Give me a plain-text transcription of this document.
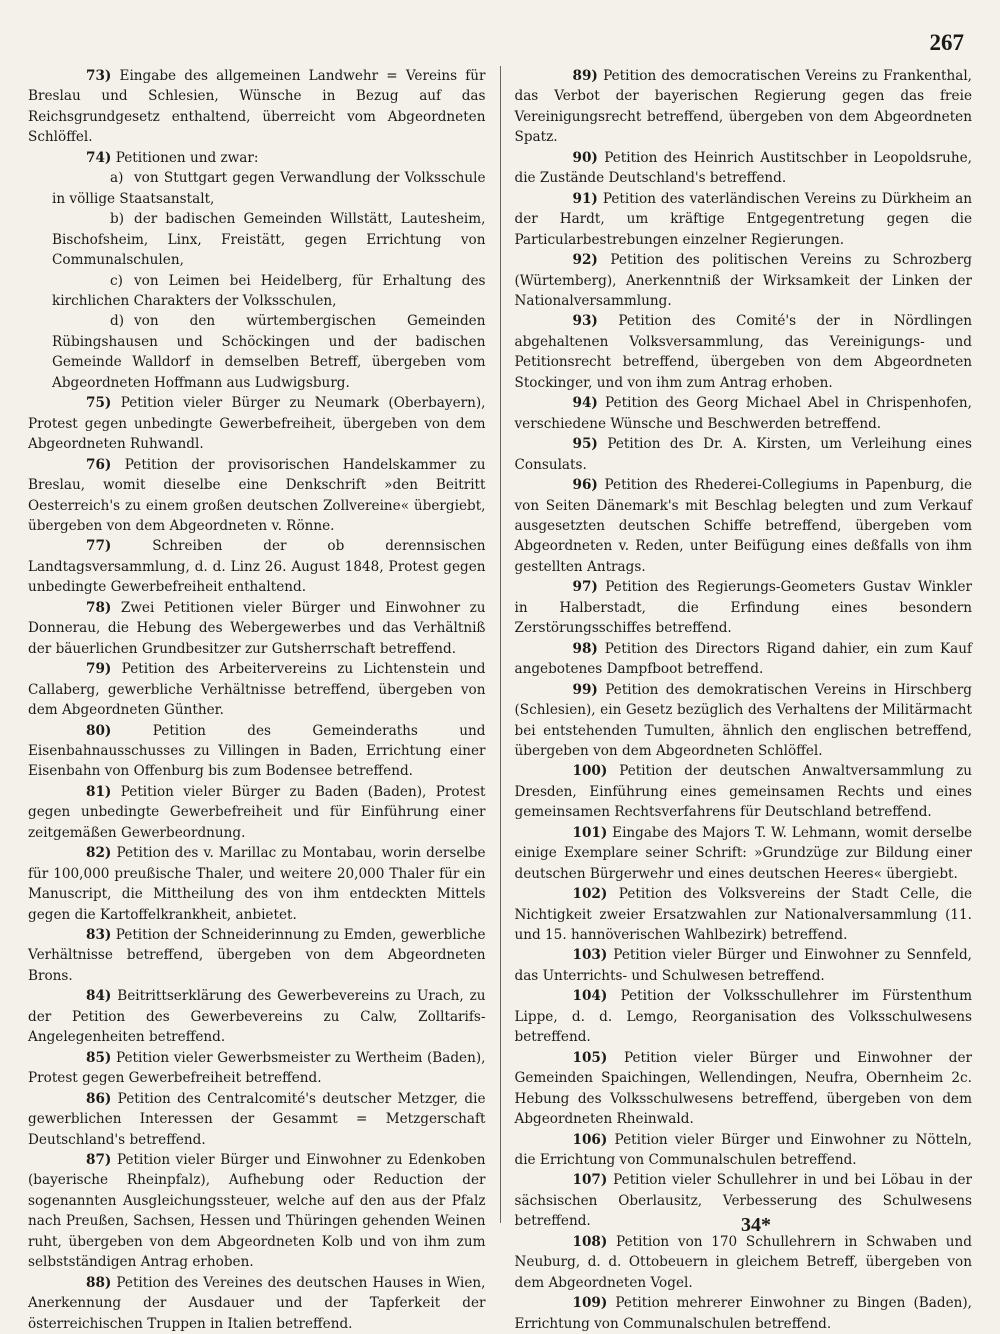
267

73) Eingabe des allgemeinen Landwehr = Vereins für Breslau und Schlesien, Wünsche in Bezug auf das Reichsgrundgesetz enthaltend, überreicht vom Abgeordneten Schlöffel.

74) Petitionen und zwar:

a) von Stuttgart gegen Verwandlung der Volksschule in völlige Staatsanstalt,

b) der badischen Gemeinden Willstätt, Lautesheim, Bischofsheim, Linx, Freistätt, gegen Errichtung von Communalschulen,

c) von Leimen bei Heidelberg, für Erhaltung des kirchlichen Charakters der Volksschulen,

d) von den würtembergischen Gemeinden Rübingshausen und Schöckingen und der badischen Gemeinde Walldorf in demselben Betreff, übergeben vom Abgeordneten Hoffmann aus Ludwigsburg.

75) Petition vieler Bürger zu Neumark (Oberbayern), Protest gegen unbedingte Gewerbefreiheit, übergeben von dem Abgeordneten Ruhwandl.

76) Petition der provisorischen Handelskammer zu Breslau, womit dieselbe eine Denkschrift »den Beitritt Oesterreich's zu einem großen deutschen Zollvereine« übergiebt, übergeben von dem Abgeordneten v. Rönne.

77)	Schreiben der ob derennsischen Landtagsversammlung, d. d. Linz 26. August 1848, Protest gegen unbedingte Gewerbefreiheit enthaltend.

78) Zwei Petitionen vieler Bürger und Einwohner zu Donnerau, die Hebung des Webergewerbes und das Verhältniß der bäuerlichen Grundbesitzer zur Gutsherrschaft betreffend.

79) Petition des Arbeitervereins zu Lichtenstein und Callaberg, gewerbliche Verhältnisse betreffend, übergeben von dem Abgeordneten Günther.

80)	Petition des Gemeinderaths und Eisenbahnausschusses zu Villingen in Baden, Errichtung einer Eisenbahn von Offenburg bis zum Bodensee betreffend.

81) Petition vieler Bürger zu Baden (Baden), Protest gegen unbedingte Gewerbefreiheit und für Einführung einer zeitgemäßen Gewerbeordnung.

82) Petition des v. Marillac zu Montabau, worin derselbe für 100,000 preußische Thaler, und weitere 20,000 Thaler für ein Manuscript, die Mittheilung des von ihm entdeckten Mittels gegen die Kartoffelkrankheit, anbietet.

83) Petition der Schneiderinnung zu Emden, gewerbliche Verhältnisse betreffend, übergeben von dem Abgeordneten Brons.

84) Beitrittserklärung des Gewerbevereins zu Urach, zu der Petition des Gewerbevereins zu Calw, Zolltarifs-Angelegenheiten betreffend.

85) Petition vieler Gewerbsmeister zu Wertheim (Baden), Protest gegen Gewerbefreiheit betreffend.

86) Petition des Centralcomité's deutscher Metzger, die gewerblichen Interessen der Gesammt = Metzgerschaft Deutschland's betreffend.

87) Petition vieler Bürger und Einwohner zu Edenkoben (bayerische Rheinpfalz), Aufhebung oder Reduction der sogenannten Ausgleichungssteuer, welche auf den aus der Pfalz nach Preußen, Sachsen, Hessen und Thüringen gehenden Weinen ruht, übergeben von dem Abgeordneten Kolb und von ihm zum selbstständigen Antrag erhoben.

88) Petition des Vereines des deutschen Hauses in Wien, Anerkennung der Ausdauer und der Tapferkeit der österreichischen Truppen in Italien betreffend.

89) Petition des democratischen Vereins zu Frankenthal, das Verbot der bayerischen Regierung gegen das freie Vereinigungsrecht betreffend, übergeben von dem Abgeordneten Spatz.

90) Petition des Heinrich Austitschber in Leopoldsruhe, die Zustände Deutschland's betreffend.

91) Petition des vaterländischen Vereins zu Dürkheim an der Hardt, um kräftige Entgegentretung gegen die Particularbestrebungen einzelner Regierungen.

92) Petition des politischen Vereins zu Schrozberg (Würtemberg), Anerkenntniß der Wirksamkeit der Linken der Nationalversammlung.

93) Petition des Comité's der in Nördlingen abgehaltenen Volksversammlung, das Vereinigungs- und Petitionsrecht betreffend, übergeben von dem Abgeordneten Stockinger, und von ihm zum Antrag erhoben.

94) Petition des Georg Michael Abel in Chrispenhofen, verschiedene Wünsche und Beschwerden betreffend.

95) Petition des Dr. A. Kirsten, um Verleihung eines Consulats.

96) Petition des Rhederei-Collegiums in Papenburg, die von Seiten Dänemark's mit Beschlag belegten und zum Verkauf ausgesetzten deutschen Schiffe betreffend, übergeben vom Abgeordneten v. Reden, unter Beifügung eines deßfalls von ihm gestellten Antrags.

97) Petition des Regierungs-Geometers Gustav Winkler in Halberstadt, die Erfindung eines besondern Zerstörungsschiffes betreffend.

98) Petition des Directors Rigand dahier, ein zum Kauf angebotenes Dampfboot betreffend.

99) Petition des demokratischen Vereins in Hirschberg (Schlesien), ein Gesetz bezüglich des Verhaltens der Militärmacht bei entstehenden Tumulten, ähnlich den englischen betreffend, übergeben von dem Abgeordneten Schlöffel.

100) Petition der deutschen Anwaltversammlung zu Dresden, Einführung eines gemeinsamen Rechts und eines gemeinsamen Rechtsverfahrens für Deutschland betreffend.

101) Eingabe des Majors T. W. Lehmann, womit derselbe einige Exemplare seiner Schrift: »Grundzüge zur Bildung einer deutschen Bürgerwehr und eines deutschen Heeres« übergiebt.

102) Petition des Volksvereins der Stadt Celle, die Nichtigkeit zweier Ersatzwahlen zur Nationalversammlung (11. und 15. hannöverischen Wahlbezirk) betreffend.

103) Petition vieler Bürger und Einwohner zu Sennfeld, das Unterrichts- und Schulwesen betreffend.

104) Petition der Volksschullehrer im Fürstenthum Lippe, d. d. Lemgo, Reorganisation des Volksschulwesens betreffend.

105) Petition vieler Bürger und Einwohner der Gemeinden Spaichingen, Wellendingen, Neufra, Obernheim 2c. Hebung des Volksschulwesens betreffend, übergeben von dem Abgeordneten Rheinwald.

106) Petition vieler Bürger und Einwohner zu Nötteln, die Errichtung von Communalschulen betreffend.

107) Petition vieler Schullehrer in und bei Löbau in der sächsischen Oberlausitz, Verbesserung des Schulwesens betreffend.

108) Petition von 170 Schullehrern in Schwaben und Neuburg, d. d. Ottobeuern in gleichem Betreff, übergeben von dem Abgeordneten Vogel.

109) Petition mehrerer Einwohner zu Bingen (Baden), Errichtung von Communalschulen betreffend.

34*
